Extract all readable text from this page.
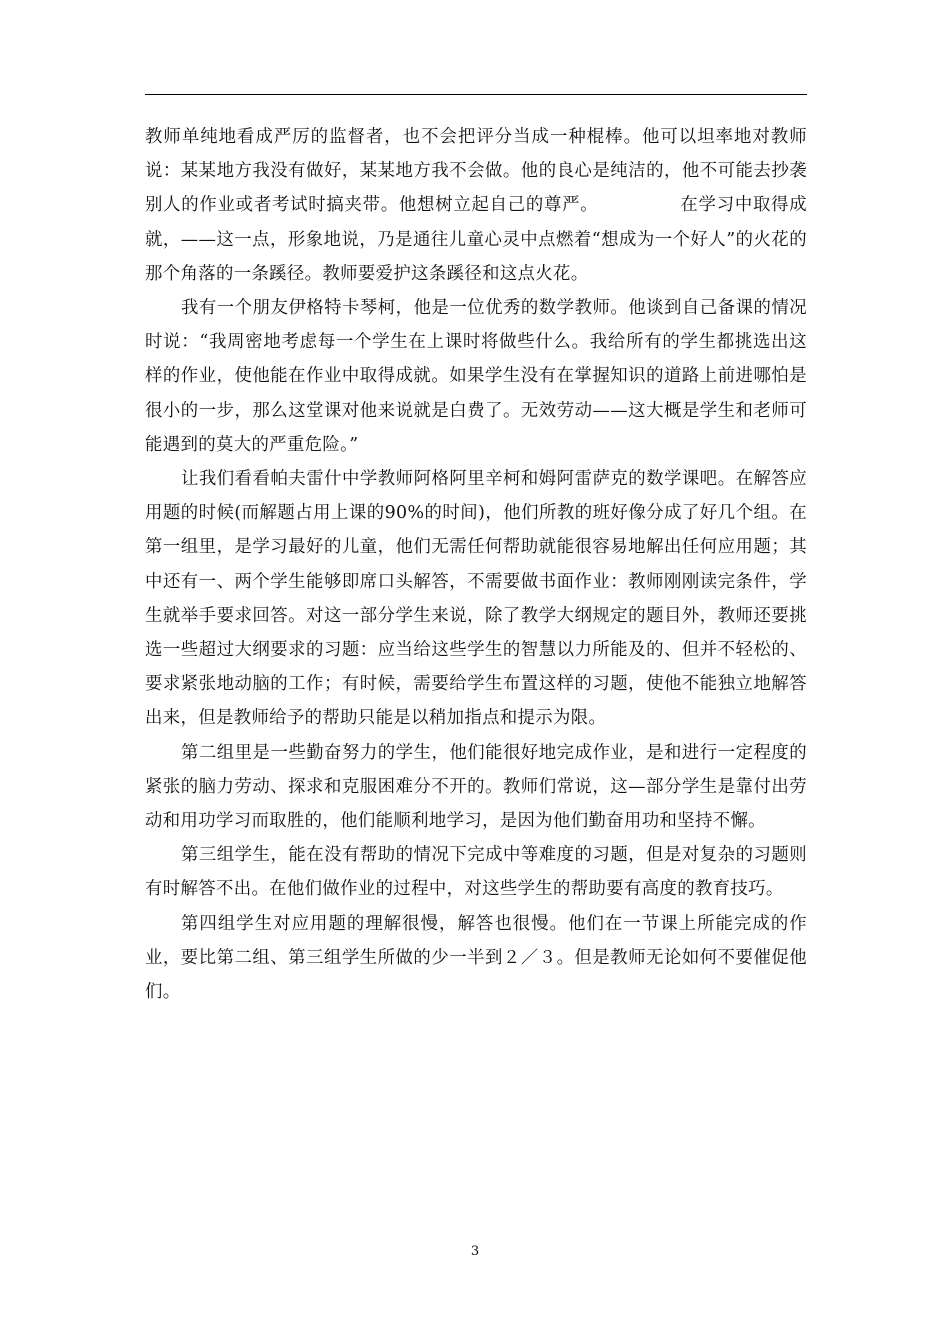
教师单纯地看成严厉的监督者，也不会把评分当成一种棍棒。他可以坦率地对教师说：某某地方我没有做好，某某地方我不会做。他的良心是纯洁的，他不可能去抄袭别人的作业或者考试时搞夹带。他想树立起自己的尊严。　　　　　在学习中取得成就，——这一点，形象地说，乃是通往儿童心灵中点燃着“想成为一个好人”的火花的那个角落的一条蹊径。教师要爱护这条蹊径和这点火花。

我有一个朋友伊格特卡琴柯，他是一位优秀的数学教师。他谈到自己备课的情况时说：“我周密地考虑每一个学生在上课时将做些什么。我给所有的学生都挑选出这样的作业，使他能在作业中取得成就。如果学生没有在掌握知识的道路上前进哪怕是很小的一步，那么这堂课对他来说就是白费了。无效劳动——这大概是学生和老师可能遇到的莫大的严重危险。”

让我们看看帕夫雷什中学教师阿格阿里辛柯和姆阿雷萨克的数学课吧。在解答应用题的时候(而解题占用上课的90%的时间)，他们所教的班好像分成了好几个组。在第一组里，是学习最好的儿童，他们无需任何帮助就能很容易地解出任何应用题；其中还有一、两个学生能够即席口头解答，不需要做书面作业：教师刚刚读完条件，学生就举手要求回答。对这一部分学生来说，除了教学大纲规定的题目外，教师还要挑选一些超过大纲要求的习题：应当给这些学生的智慧以力所能及的、但并不轻松的、要求紧张地动脑的工作；有时候，需要给学生布置这样的习题，使他不能独立地解答出来，但是教师给予的帮助只能是以稍加指点和提示为限。

第二组里是一些勤奋努力的学生，他们能很好地完成作业，是和进行一定程度的紧张的脑力劳动、探求和克服困难分不开的。教师们常说，这—部分学生是靠付出劳动和用功学习而取胜的，他们能顺利地学习，是因为他们勤奋用功和坚持不懈。

第三组学生，能在没有帮助的情况下完成中等难度的习题，但是对复杂的习题则有时解答不出。在他们做作业的过程中，对这些学生的帮助要有高度的教育技巧。

第四组学生对应用题的理解很慢，解答也很慢。他们在一节课上所能完成的作业，要比第二组、第三组学生所做的少一半到２／３。但是教师无论如何不要催促他们。

3
